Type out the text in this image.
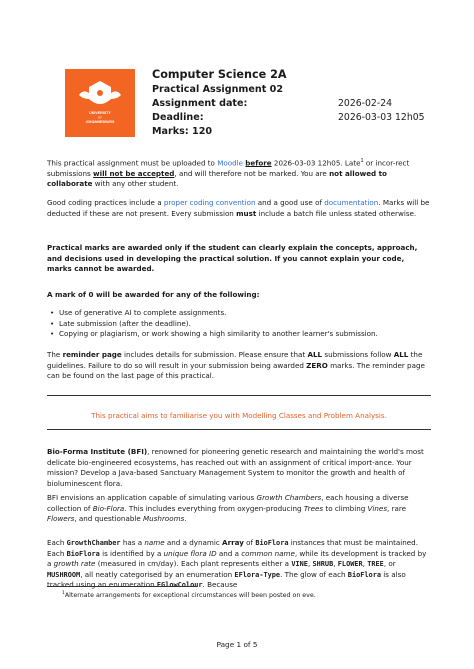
UNIVERSITY
OF
JOHANNESBURG
Computer Science 2A
Practical Assignment 02
Assignment date:	2026-02-24
Deadline:	2026-03-03 12h05
Marks: 120

This practical assignment must be uploaded to Moodle before 2026-03-03 12h05. Late$^1$ or incor-rect submissions will not be accepted, and will therefore not be marked. You are not allowed to collaborate with any other student.

Good coding practices include a proper coding convention and a good use of documentation. Marks will be deducted if these are not present. Every submission must include a batch file unless stated otherwise.

Practical marks are awarded only if the student can clearly explain the concepts, approach, and decisions used in developing the practical solution. If you cannot explain your code, marks cannot be awarded.

A mark of 0 will be awarded for any of the following:

• Use of generative AI to complete assignments.
• Late submission (after the deadline).
• Copying or plagiarism, or work showing a high similarity to another learner's submission.

The reminder page includes details for submission. Please ensure that ALL submissions follow ALL the guidelines. Failure to do so will result in your submission being awarded ZERO marks. The reminder page can be found on the last page of this practical.

This practical aims to familiarise you with Modelling Classes and Problem Analysis.

Bio-Forma Institute (BFI), renowned for pioneering genetic research and maintaining the world's most delicate bio-engineered ecosystems, has reached out with an assignment of critical import-ance. Your mission? Develop a Java-based Sanctuary Management System to monitor the growth and health of bioluminescent flora.

BFI envisions an application capable of simulating various Growth Chambers, each housing a diverse collection of Bio-Flora. This includes everything from oxygen-producing Trees to climbing Vines, rare Flowers, and questionable Mushrooms.

Each GrowthChamber has a name and a dynamic Array of BioFlora instances that must be maintained. Each BioFlora is identified by a unique flora ID and a common name, while its development is tracked by a growth rate (measured in cm/day). Each plant represents either a VINE, SHRUB, FLOWER, TREE, or MUSHROOM, all neatly categorised by an enumeration EFlora-Type. The glow of each BioFlora is also tracked using an enumeration EGlowColour. Because

$^1$Alternate arrangements for exceptional circumstances will been posted on eve.
Page 1 of 5
